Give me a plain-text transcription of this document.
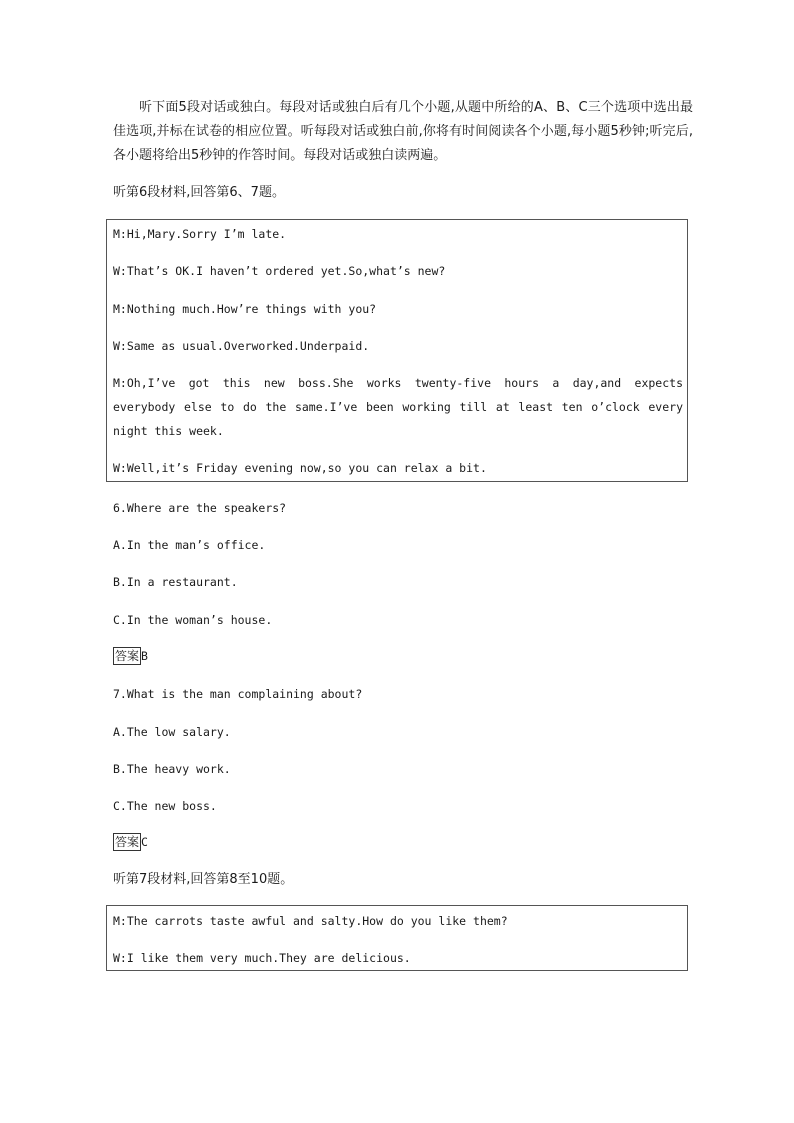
听下面5段对话或独白。每段对话或独白后有几个小题,从题中所给的A、B、C三个选项中选出最佳选项,并标在试卷的相应位置。听每段对话或独白前,你将有时间阅读各个小题,每小题5秒钟;听完后,各小题将给出5秒钟的作答时间。每段对话或独白读两遍。
听第6段材料,回答第6、7题。
M:Hi,Mary.Sorry I’m late.
W:That’s OK.I haven’t ordered yet.So,what’s new?
M:Nothing much.How’re things with you?
W:Same as usual.Overworked.Underpaid.
M:Oh,I’ve got this new boss.She works twenty-five hours a day,and expects everybody else to do the same.I’ve been working till at least ten o’clock every night this week.
W:Well,it’s Friday evening now,so you can relax a bit.
6.Where are the speakers?
A.In the man’s office.
B.In a restaurant.
C.In the woman’s house.
答案 B
7.What is the man complaining about?
A.The low salary.
B.The heavy work.
C.The new boss.
答案 C
听第7段材料,回答第8至10题。
M:The carrots taste awful and salty.How do you like them?
W:I like them very much.They are delicious.
